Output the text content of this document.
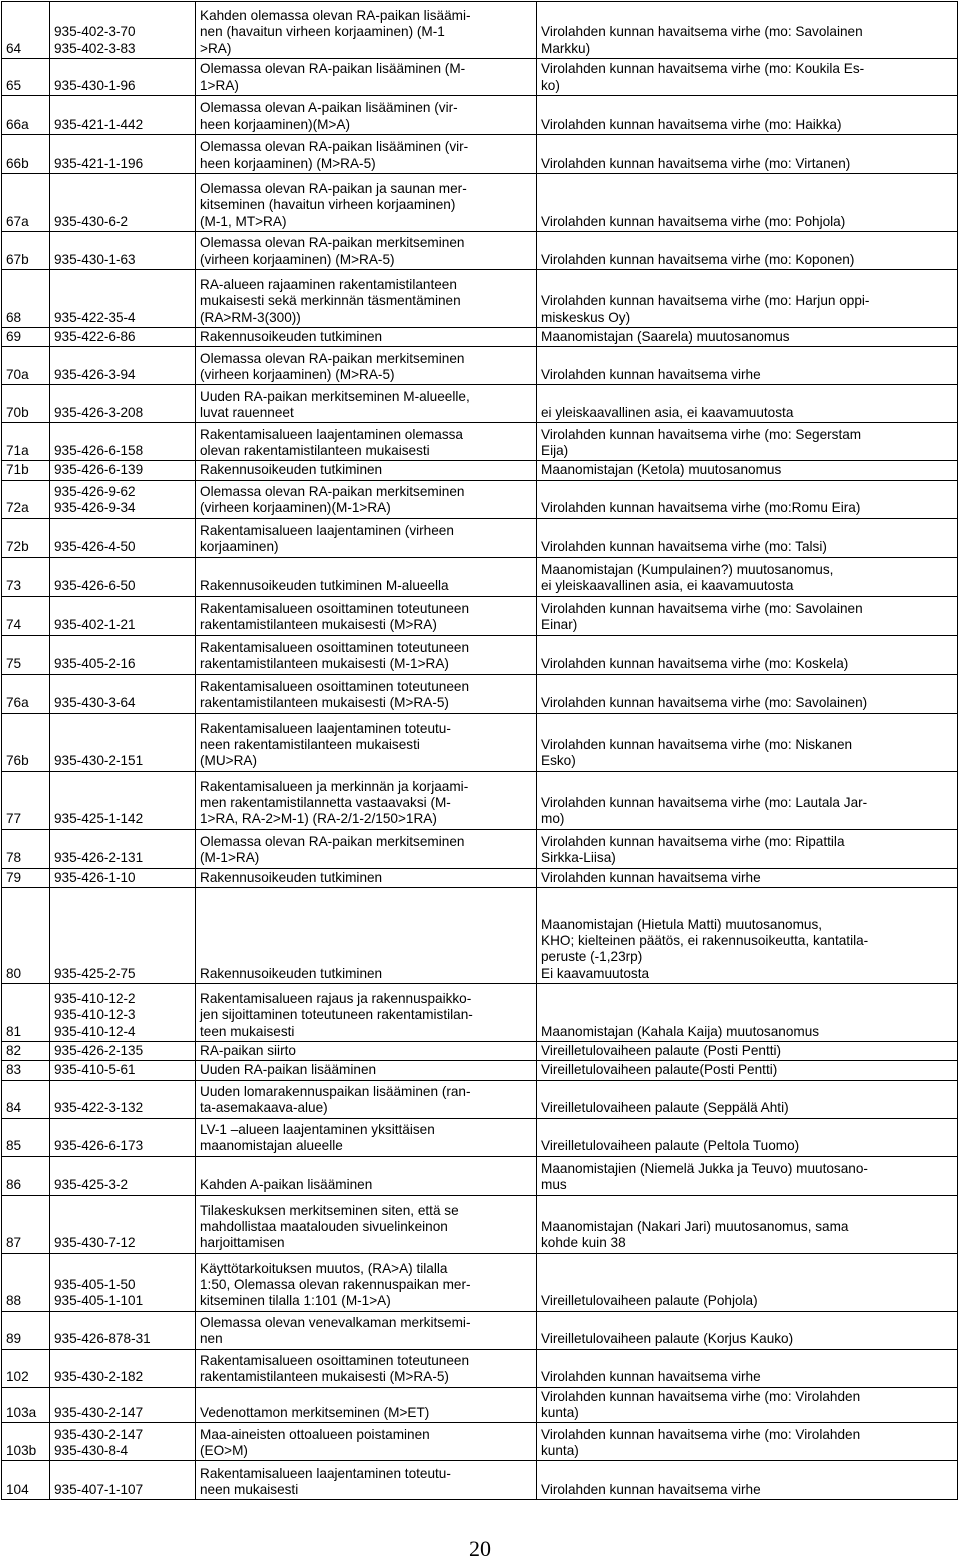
64	935-402-3-70
935-402-3-83	Kahden olemassa olevan RA-paikan lisäämi-
nen (havaitun virheen korjaaminen) (M-1
>RA)	Virolahden kunnan havaitsema virhe (mo: Savolainen
Markku)
65	935-430-1-96	Olemassa olevan RA-paikan lisääminen (M-
1>RA)	Virolahden kunnan havaitsema virhe (mo: Koukila Es-
ko)
66a	935-421-1-442	Olemassa olevan A-paikan lisääminen (vir-
heen korjaaminen)(M>A)	Virolahden kunnan havaitsema virhe (mo: Haikka)
66b	935-421-1-196	Olemassa olevan RA-paikan lisääminen (vir-
heen korjaaminen) (M>RA-5)	Virolahden kunnan havaitsema virhe (mo: Virtanen)
67a	935-430-6-2	Olemassa olevan RA-paikan ja saunan mer-
kitseminen (havaitun virheen korjaaminen)
(M-1, MT>RA)	Virolahden kunnan havaitsema virhe (mo: Pohjola)
67b	935-430-1-63	Olemassa olevan RA-paikan merkitseminen
(virheen korjaaminen) (M>RA-5)	Virolahden kunnan havaitsema virhe (mo: Koponen)
68	935-422-35-4	RA-alueen rajaaminen rakentamistilanteen
mukaisesti sekä merkinnän täsmentäminen
(RA>RM-3(300))	Virolahden kunnan havaitsema virhe (mo: Harjun oppi-
miskeskus Oy)
69	935-422-6-86	Rakennusoikeuden tutkiminen	Maanomistajan (Saarela) muutosanomus
70a	935-426-3-94	Olemassa olevan RA-paikan merkitseminen
(virheen korjaaminen) (M>RA-5)	Virolahden kunnan havaitsema virhe
70b	935-426-3-208	Uuden RA-paikan merkitseminen M-alueelle,
luvat rauenneet	ei yleiskaavallinen asia, ei kaavamuutosta
71a	935-426-6-158	Rakentamisalueen laajentaminen olemassa
olevan rakentamistilanteen mukaisesti	Virolahden kunnan havaitsema virhe (mo: Segerstam
Eija)
71b	935-426-6-139	Rakennusoikeuden tutkiminen	Maanomistajan (Ketola) muutosanomus
72a	935-426-9-62
935-426-9-34	Olemassa olevan RA-paikan merkitseminen
(virheen korjaaminen)(M-1>RA)	Virolahden kunnan havaitsema virhe (mo:Romu Eira)
72b	935-426-4-50	Rakentamisalueen laajentaminen (virheen
korjaaminen)	Virolahden kunnan havaitsema virhe (mo: Talsi)
73	935-426-6-50	Rakennusoikeuden tutkiminen M-alueella	Maanomistajan (Kumpulainen?) muutosanomus,
ei yleiskaavallinen asia, ei kaavamuutosta
74	935-402-1-21	Rakentamisalueen osoittaminen toteutuneen
rakentamistilanteen mukaisesti (M>RA)	Virolahden kunnan havaitsema virhe (mo: Savolainen
Einar)
75	935-405-2-16	Rakentamisalueen osoittaminen toteutuneen
rakentamistilanteen mukaisesti (M-1>RA)	Virolahden kunnan havaitsema virhe (mo: Koskela)
76a	935-430-3-64	Rakentamisalueen osoittaminen toteutuneen
rakentamistilanteen mukaisesti (M>RA-5)	Virolahden kunnan havaitsema virhe (mo: Savolainen)
76b	935-430-2-151	Rakentamisalueen laajentaminen toteutu-
neen rakentamistilanteen mukaisesti
(MU>RA)	Virolahden kunnan havaitsema virhe (mo: Niskanen
Esko)
77	935-425-1-142	Rakentamisalueen ja merkinnän ja korjaami-
men rakentamistilannetta vastaavaksi (M-
1>RA, RA-2>M-1) (RA-2/1-2/150>1RA)	Virolahden kunnan havaitsema virhe (mo: Lautala Jar-
mo)
78	935-426-2-131	Olemassa olevan RA-paikan merkitseminen
(M-1>RA)	Virolahden kunnan havaitsema virhe (mo: Ripattila
Sirkka-Liisa)
79	935-426-1-10	Rakennusoikeuden tutkiminen	Virolahden kunnan havaitsema virhe
80	935-425-2-75	Rakennusoikeuden tutkiminen	Maanomistajan (Hietula Matti) muutosanomus,
KHO; kielteinen päätös, ei rakennusoikeutta, kantatila-
peruste (-1,23rp)
Ei kaavamuutosta
81	935-410-12-2
935-410-12-3
935-410-12-4	Rakentamisalueen rajaus ja rakennuspaikko-
jen sijoittaminen toteutuneen rakentamistilan-
teen mukaisesti	Maanomistajan (Kahala Kaija) muutosanomus
82	935-426-2-135	RA-paikan siirto	Vireilletulovaiheen palaute (Posti Pentti)
83	935-410-5-61	Uuden RA-paikan lisääminen	Vireilletulovaiheen palaute(Posti Pentti)
84	935-422-3-132	Uuden lomarakennuspaikan lisääminen (ran-
ta-asemakaava-alue)	Vireilletulovaiheen palaute (Seppälä Ahti)
85	935-426-6-173	LV-1 –alueen laajentaminen yksittäisen
maanomistajan alueelle	Vireilletulovaiheen palaute (Peltola Tuomo)
86	935-425-3-2	Kahden A-paikan lisääminen	Maanomistajien (Niemelä Jukka ja Teuvo) muutosano-
mus
87	935-430-7-12	Tilakeskuksen merkitseminen siten, että se
mahdollistaa maatalouden sivuelinkeinon
harjoittamisen	Maanomistajan (Nakari Jari) muutosanomus, sama
kohde kuin 38
88	935-405-1-50
935-405-1-101	Käyttötarkoituksen muutos, (RA>A) tilalla
1:50, Olemassa olevan rakennuspaikan mer-
kitseminen tilalla 1:101 (M-1>A)	Vireilletulovaiheen palaute (Pohjola)
89	935-426-878-31	Olemassa olevan venevalkaman merkitsemi-
nen	Vireilletulovaiheen palaute (Korjus Kauko)
102	935-430-2-182	Rakentamisalueen osoittaminen toteutuneen
rakentamistilanteen mukaisesti (M>RA-5)	Virolahden kunnan havaitsema virhe
103a	935-430-2-147	Vedenottamon merkitseminen (M>ET)	Virolahden kunnan havaitsema virhe (mo: Virolahden
kunta)
103b	935-430-2-147
935-430-8-4	Maa-aineisten ottoalueen poistaminen
(EO>M)	Virolahden kunnan havaitsema virhe (mo: Virolahden
kunta)
104	935-407-1-107	Rakentamisalueen laajentaminen toteutu-
neen mukaisesti	Virolahden kunnan havaitsema virhe
20
